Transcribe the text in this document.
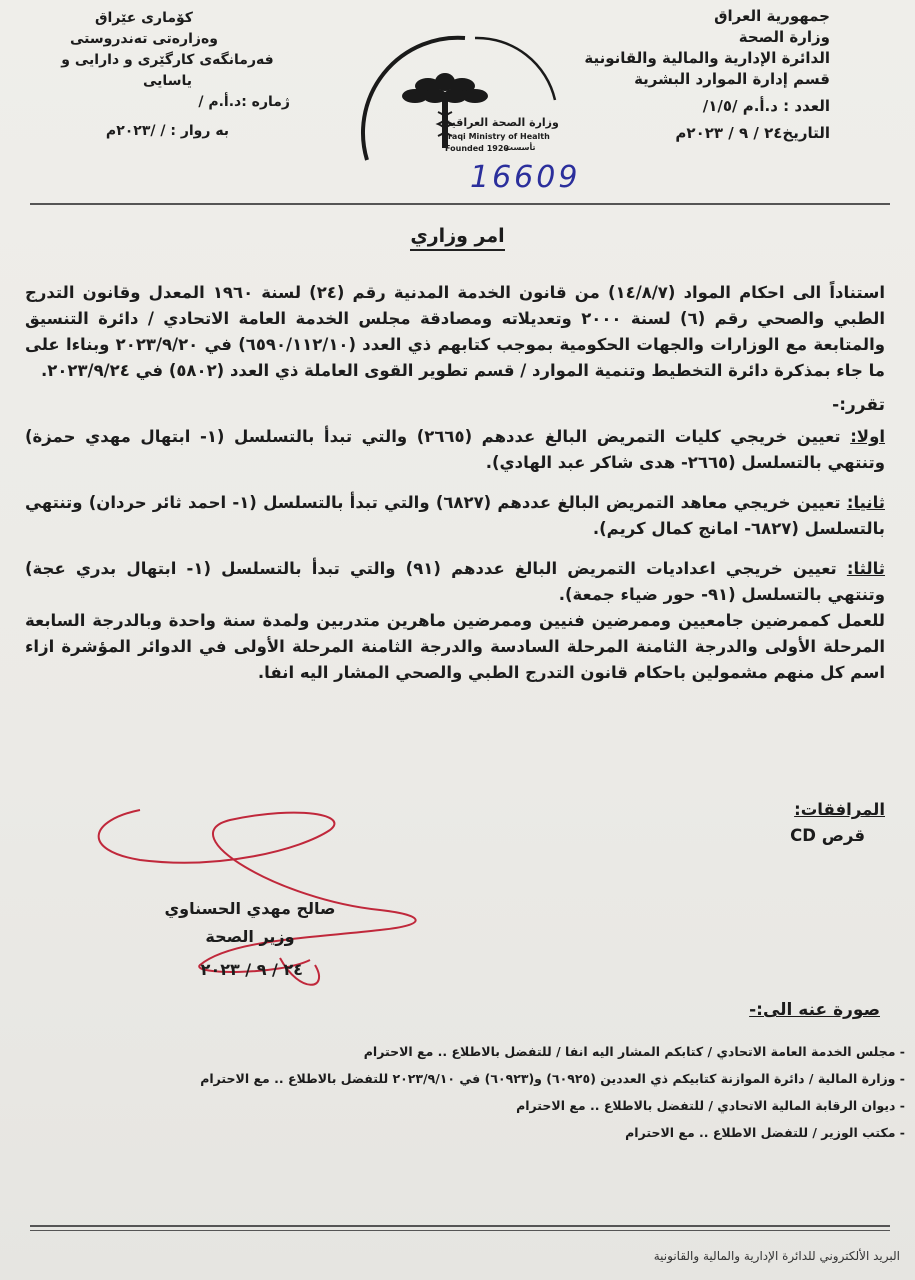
جمهورية العراق
وزارة الصحة
الدائرة الإدارية والمالية والقانونية
قسم إدارة الموارد البشرية
العدد : د.أ.م /١/٥/
التاريخ٢٤ / ٩ / ٢٠٢٣م
كۆماری عێراق
وەزارەتی تەندروستی
فەرمانگەی کارگێری و دارایی و یاسایی
ژمارە :د.أ.م /
بە روار : / /٢٠٢٣م
وزارة الصحة العراقية
Iraqi Ministry of Health
Founded 1920
تأسست
16609
امر وزاري

استناداً الى احكام المواد (١٤/٨/٧) من قانون الخدمة المدنية رقم (٢٤) لسنة ١٩٦٠ المعدل وقانون التدرج الطبي والصحي رقم (٦) لسنة ٢٠٠٠ وتعديلاته ومصادقة مجلس الخدمة العامة الاتحادي / دائرة التنسيق والمتابعة مع الوزارات والجهات الحكومية بموجب كتابهم ذي العدد (٦٥٩٠/١١٢/١٠) في ٢٠٢٣/٩/٢٠ وبناءا على ما جاء بمذكرة دائرة التخطيط وتنمية الموارد / قسم تطوير القوى العاملة ذي العدد (٥٨٠٢) في ٢٠٢٣/٩/٢٤.

تقرر:-

اولا: تعيين خريجي كليات التمريض البالغ عددهم (٢٦٦٥) والتي تبدأ بالتسلسل (١- ابتهال مهدي حمزة) وتنتهي بالتسلسل (٢٦٦٥- هدى شاكر عبد الهادي).

ثانيا: تعيين خريجي معاهد التمريض البالغ عددهم (٦٨٢٧) والتي تبدأ بالتسلسل (١- احمد ثائر حردان) وتنتهي بالتسلسل (٦٨٢٧- امانج كمال كريم).

ثالثا: تعيين خريجي اعداديات التمريض البالغ عددهم (٩١) والتي تبدأ بالتسلسل (١- ابتهال بدري عجة) وتنتهي بالتسلسل (٩١- حور ضياء جمعة).

للعمل كممرضين جامعيين وممرضين فنيين وممرضين ماهرين متدربين ولمدة سنة واحدة وبالدرجة السابعة المرحلة الأولى والدرجة الثامنة المرحلة السادسة والدرجة الثامنة المرحلة الأولى في الدوائر المؤشرة ازاء اسم كل منهم مشمولين باحكام قانون التدرج الطبي والصحي المشار اليه انفا.

المرافقات:
قرص CD
صالح مهدي الحسناوي
وزير الصحة
٢٤ / ٩ / ٢٠٢٣
صورة عنه الى:-
- مجلس الخدمة العامة الاتحادي / كتابكم المشار اليه انفا / للتفضل بالاطلاع .. مع الاحترام
- وزارة المالية / دائرة الموازنة كتابيكم ذي العددين (٦٠٩٢٥) و(٦٠٩٢٣) في ٢٠٢٣/٩/١٠ للتفضل بالاطلاع .. مع الاحترام
- ديوان الرقابة المالية الاتحادي / للتفضل بالاطلاع .. مع الاحترام
- مكتب الوزير / للتفضل الاطلاع .. مع الاحترام
البريد الألكتروني للدائرة الإدارية والمالية والقانونية
